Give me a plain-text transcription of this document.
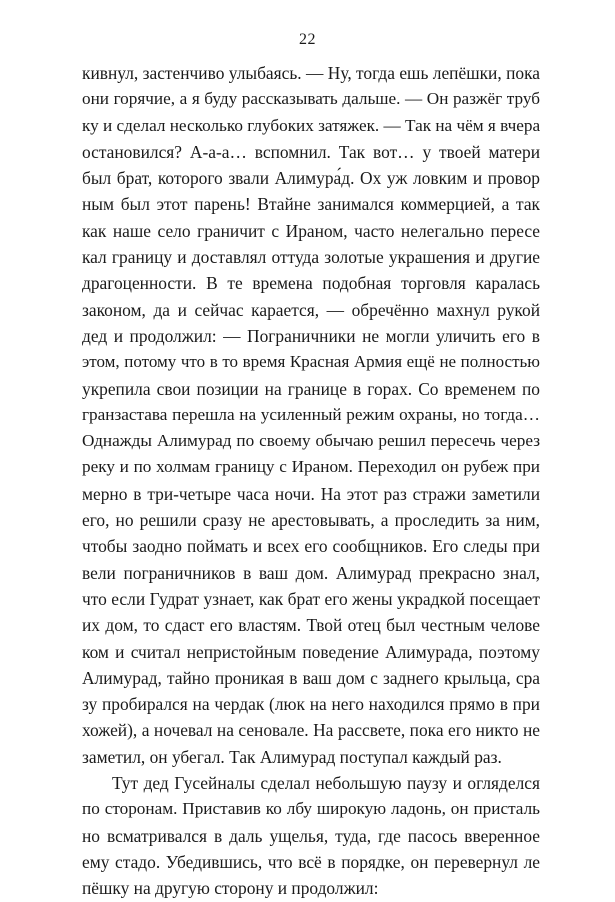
22
кивнул, застенчиво улыбаясь. — Ну, тогда ешь лепёшки, пока
они горячие, а я буду рассказывать дальше. — Он разжёг труб
ку и сделал несколько глубоких затяжек. — Так на чём я вчера
остановился? А-а-а… вспомнил. Так вот… у твоей матери
был брат, которого звали Алимура́д. Ох уж ловким и провор
ным был этот парень! Втайне занимался коммерцией, а так
как наше село граничит с Ираном, часто нелегально пересе
кал границу и доставлял оттуда золотые украшения и другие
драгоценности. В те времена подобная торговля каралась
законом, да и сейчас карается, — обречённо махнул рукой
дед и продолжил: — Пограничники не могли уличить его в
этом, потому что в то время Красная Армия ещё не полностью
укрепила свои позиции на границе в горах. Со временем по
гранзастава перешла на усиленный режим охраны, но тогда…
Однажды Алимурад по своему обычаю решил пересечь через
реку и по холмам границу с Ираном. Переходил он рубеж при
мерно в три-четыре часа ночи. На этот раз стражи заметили
его, но решили сразу не арестовывать, а проследить за ним,
чтобы заодно поймать и всех его сообщников. Его следы при
вели пограничников в ваш дом. Алимурад прекрасно знал,
что если Гудрат узнает, как брат его жены украдкой посещает
их дом, то сдаст его властям. Твой отец был честным челове
ком и считал непристойным поведение Алимурада, поэтому
Алимурад, тайно проникая в ваш дом с заднего крыльца, сра
зу пробирался на чердак (люк на него находился прямо в при
хожей), а ночевал на сеновале. На рассвете, пока его никто не
заметил, он убегал. Так Алимурад поступал каждый раз.
Тут дед Гусейналы сделал небольшую паузу и огляделся
по сторонам. Приставив ко лбу широкую ладонь, он присталь
но всматривался в даль ущелья, туда, где пасось вверенное
ему стадо. Убедившись, что всё в порядке, он перевернул ле
пёшку на другую сторону и продолжил:
